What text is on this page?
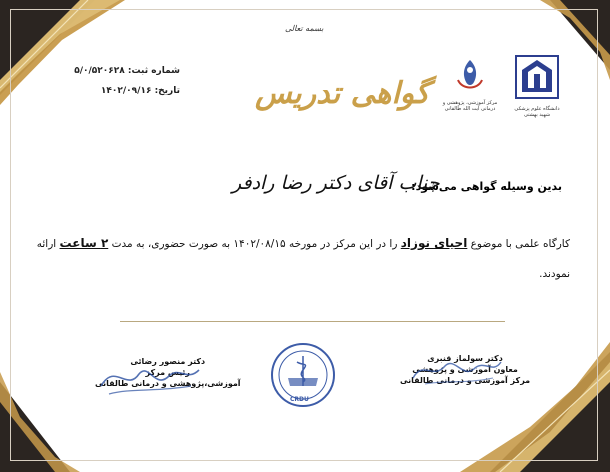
بسمه تعالی
شماره ثبت: ۵/۰/۵۲۰۶۲۸
تاریخ: ۱۴۰۲/۰۹/۱۶	گواهی تدریس	مرکز آموزشی، پژوهشی و درمانی آیت الله طالقانی	دانشگاه علوم پزشکی شهید بهشتی
بدین وسیله گواهی می‌شود:
جناب آقای دکتر رضا رادفر
کارگاه علمی با موضوع احیای نوزاد را در این مرکز در مورخه ۱۴۰۲/۰۸/۱۵ به صورت حضوری، به مدت ۲ ساعت ارائه نمودند.
دکتر منصور رضائی
رئیس مرکز
آموزشی،پژوهشی و درمانی طالقانی
CRDU
دکتر سولماز قنبری
معاون آموزشی و پژوهشی
مرکز آموزشی و درمانی طالقانی
